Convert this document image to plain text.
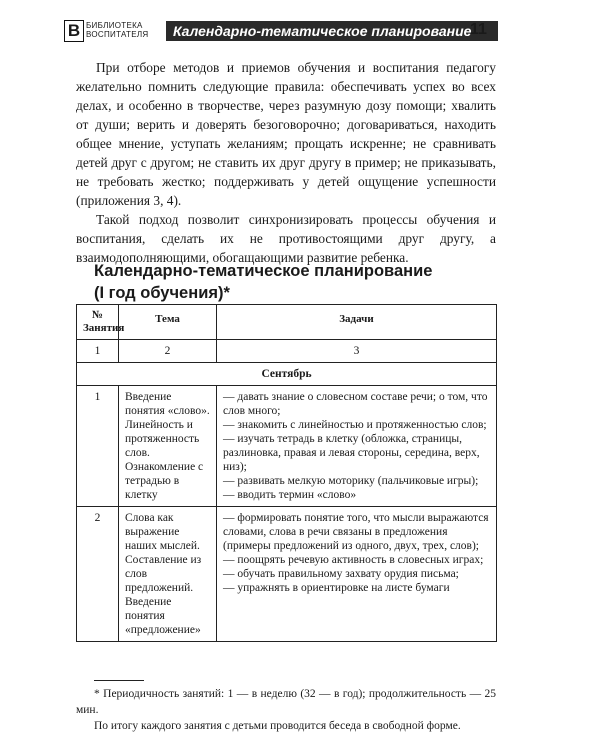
В БИБЛИОТЕКА
ВОСПИТАТЕЛЯ	Календарно-тематическое планирование
11

При отборе методов и приемов обучения и воспитания педагогу желательно помнить следующие правила: обеспечивать успех во всех делах, и особенно в творчестве, через разумную дозу помощи; хвалить от души; верить и доверять безоговорочно; договариваться, находить общее мнение, уступать желаниям; прощать искренне; не сравнивать детей друг с другом; не ставить их друг другу в пример; не приказывать, не требовать жестко; поддерживать у детей ощущение успешности (приложения 3, 4).

Такой подход позволит синхронизировать процессы обучения и воспитания, сделать их не противостоящими друг другу, а взаимодополняющими, обогащающими развитие ребенка.

Календарно-тематическое планирование
(I год обучения)*
№ Занятия	Тема	Задачи
1	2	3
Сентябрь		
1	Введение понятия «слово». Линейность и протяженность слов. Ознакомление с тетрадью в клетку	— давать знание о словесном составе речи; о том, что слов много;
— знакомить с линейностью и протяженностью слов;
— изучать тетрадь в клетку (обложка, страницы, разлиновка, правая и левая стороны, середина, верх, низ);
— развивать мелкую моторику (пальчиковые игры);
— вводить термин «слово»

2	Слова как выражение наших мыслей. Составление из слов предложений. Введение понятия «предложение»	— формировать понятие того, что мысли выражаются словами, слова в речи связаны в предложения (примеры предложений из одного, двух, трех, слов);
— поощрять речевую активность в словесных играх;
— обучать правильному захвату орудия письма;
— упражнять в ориентировке на листе бумаги

* Периодичность занятий: 1 — в неделю (32 — в год); продолжительность — 25 мин.

По итогу каждого занятия с детьми проводится беседа в свободной форме.
